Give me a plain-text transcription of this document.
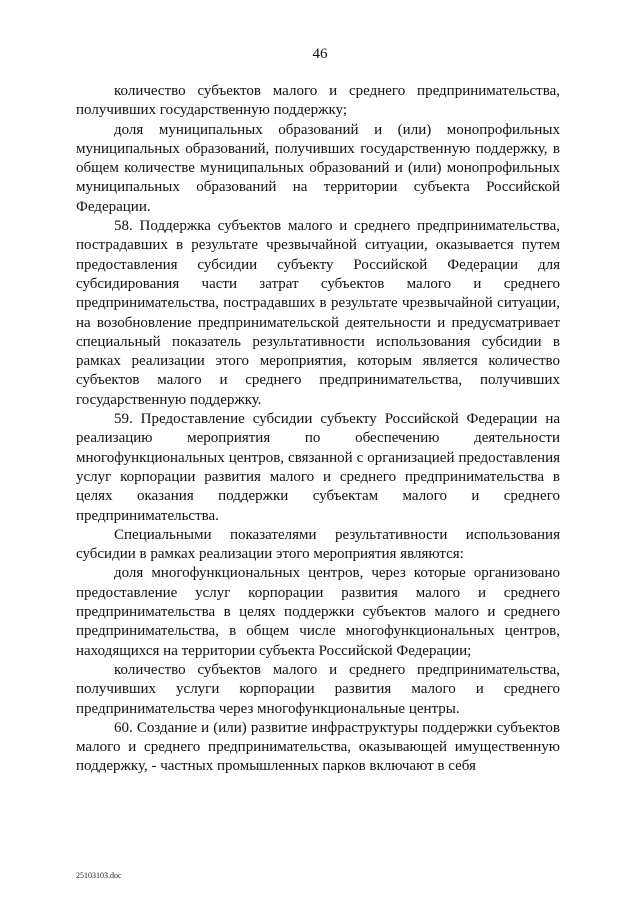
46

количество субъектов малого и среднего предпринимательства, получивших государственную поддержку;

доля муниципальных образований и (или) монопрофильных муниципальных образований, получивших государственную поддержку, в общем количестве муниципальных образований и (или) монопрофильных муниципальных образований на территории субъекта Российской Федерации.

58. Поддержка субъектов малого и среднего предпринимательства, пострадавших в результате чрезвычайной ситуации, оказывается путем предоставления субсидии субъекту Российской Федерации для субсидирования части затрат субъектов малого и среднего предпринимательства, пострадавших в результате чрезвычайной ситуации, на возобновление предпринимательской деятельности и предусматривает специальный показатель результативности использования субсидии в рамках реализации этого мероприятия, которым является количество субъектов малого и среднего предпринимательства, получивших государственную поддержку.

59. Предоставление субсидии субъекту Российской Федерации на реализацию мероприятия по обеспечению деятельности многофункциональных центров, связанной с организацией предоставления услуг корпорации развития малого и среднего предпринимательства в целях оказания поддержки субъектам малого и среднего предпринимательства.

Специальными показателями результативности использования субсидии в рамках реализации этого мероприятия являются:

доля многофункциональных центров, через которые организовано предоставление услуг корпорации развития малого и среднего предпринимательства в целях поддержки субъектов малого и среднего предпринимательства, в общем числе многофункциональных центров, находящихся на территории субъекта Российской Федерации;

количество субъектов малого и среднего предпринимательства, получивших услуги корпорации развития малого и среднего предпринимательства через многофункциональные центры.

60. Создание и (или) развитие инфраструктуры поддержки субъектов малого и среднего предпринимательства, оказывающей имущественную поддержку, - частных промышленных парков включают в себя

25103103.doc
